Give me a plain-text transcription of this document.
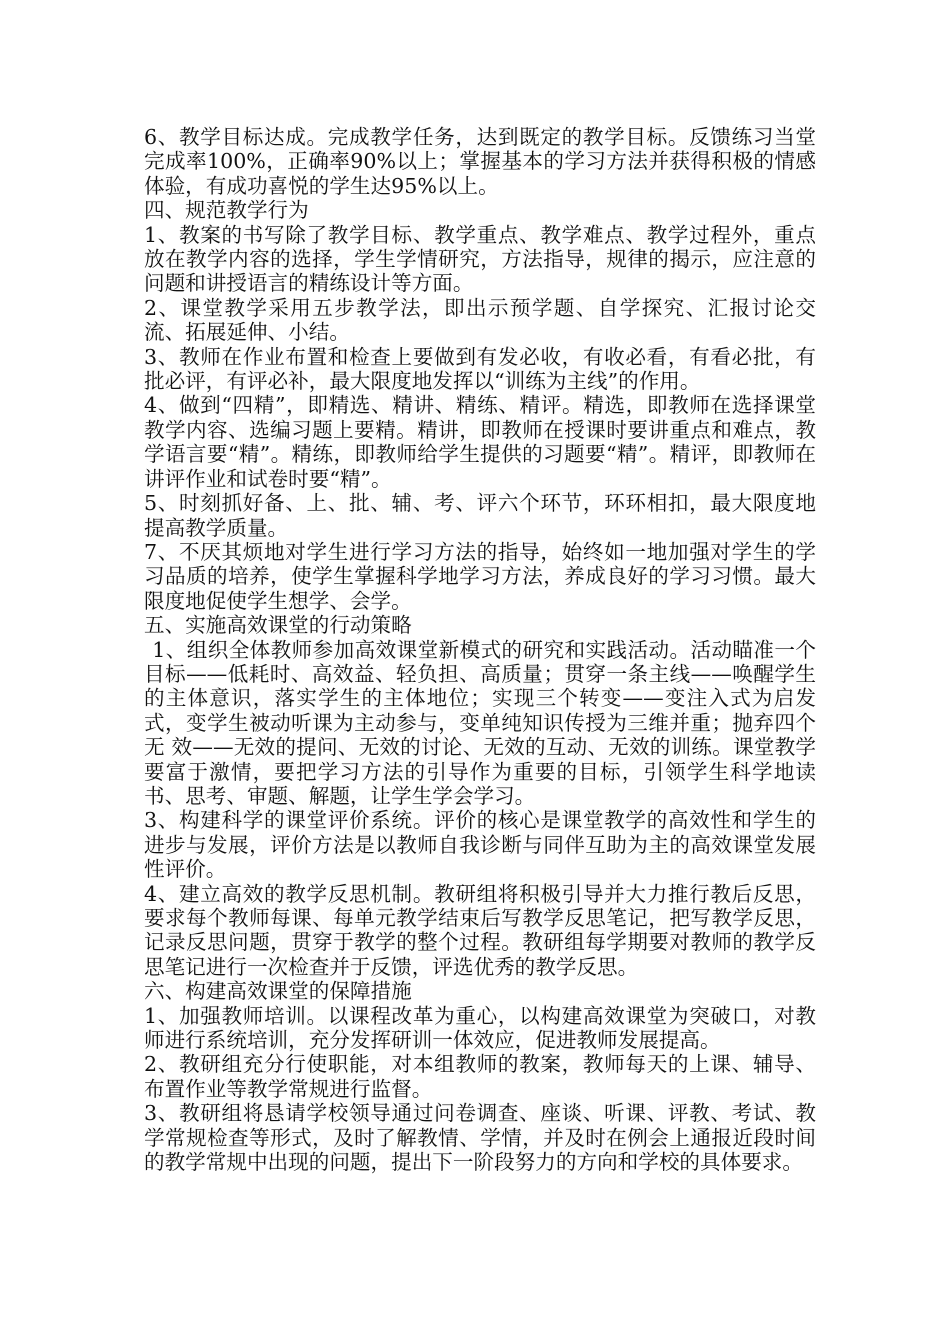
6、教学目标达成。完成教学任务，达到既定的教学目标。反馈练习当堂完成率100%，正确率90%以上；掌握基本的学习方法并获得积极的情感体验，有成功喜悦的学生达95%以上。

四、规范教学行为

1、教案的书写除了教学目标、教学重点、教学难点、教学过程外，重点放在教学内容的选择，学生学情研究，方法指导，规律的揭示，应注意的问题和讲授语言的精练设计等方面。

2、课堂教学采用五步教学法，即出示预学题、自学探究、汇报讨论交流、拓展延伸、小结。

3、教师在作业布置和检查上要做到有发必收，有收必看，有看必批，有批必评，有评必补，最大限度地发挥以“训练为主线”的作用。

4、做到“四精”，即精选、精讲、精练、精评。精选，即教师在选择课堂教学内容、选编习题上要精。精讲，即教师在授课时要讲重点和难点，教学语言要“精”。精练，即教师给学生提供的习题要“精”。精评，即教师在讲评作业和试卷时要“精”。

5、时刻抓好备、上、批、辅、考、评六个环节，环环相扣，最大限度地提高教学质量。

7、不厌其烦地对学生进行学习方法的指导，始终如一地加强对学生的学习品质的培养，使学生掌握科学地学习方法，养成良好的学习习惯。最大限度地促使学生想学、会学。

五、实施高效课堂的行动策略

1、组织全体教师参加高效课堂新模式的研究和实践活动。活动瞄准一个目标——低耗时、高效益、轻负担、高质量；贯穿一条主线——唤醒学生的主体意识，落实学生的主体地位；实现三个转变——变注入式为启发式，变学生被动听课为主动参与，变单纯知识传授为三维并重；抛弃四个无 效——无效的提问、无效的讨论、无效的互动、无效的训练。课堂教学要富于激情，要把学习方法的引导作为重要的目标，引领学生科学地读书、思考、审题、解题，让学生学会学习。

3、构建科学的课堂评价系统。评价的核心是课堂教学的高效性和学生的进步与发展，评价方法是以教师自我诊断与同伴互助为主的高效课堂发展性评价。

4、建立高效的教学反思机制。教研组将积极引导并大力推行教后反思，要求每个教师每课、每单元教学结束后写教学反思笔记，把写教学反思，记录反思问题，贯穿于教学的整个过程。教研组每学期要对教师的教学反思笔记进行一次检查并于反馈，评选优秀的教学反思。

六、构建高效课堂的保障措施

1、加强教师培训。以课程改革为重心，以构建高效课堂为突破口，对教师进行系统培训，充分发挥研训一体效应，促进教师发展提高。

2、教研组充分行使职能，对本组教师的教案，教师每天的上课、辅导、布置作业等教学常规进行监督。

3、教研组将恳请学校领导通过问卷调查、座谈、听课、评教、考试、教学常规检查等形式，及时了解教情、学情，并及时在例会上通报近段时间的教学常规中出现的问题，提出下一阶段努力的方向和学校的具体要求。
